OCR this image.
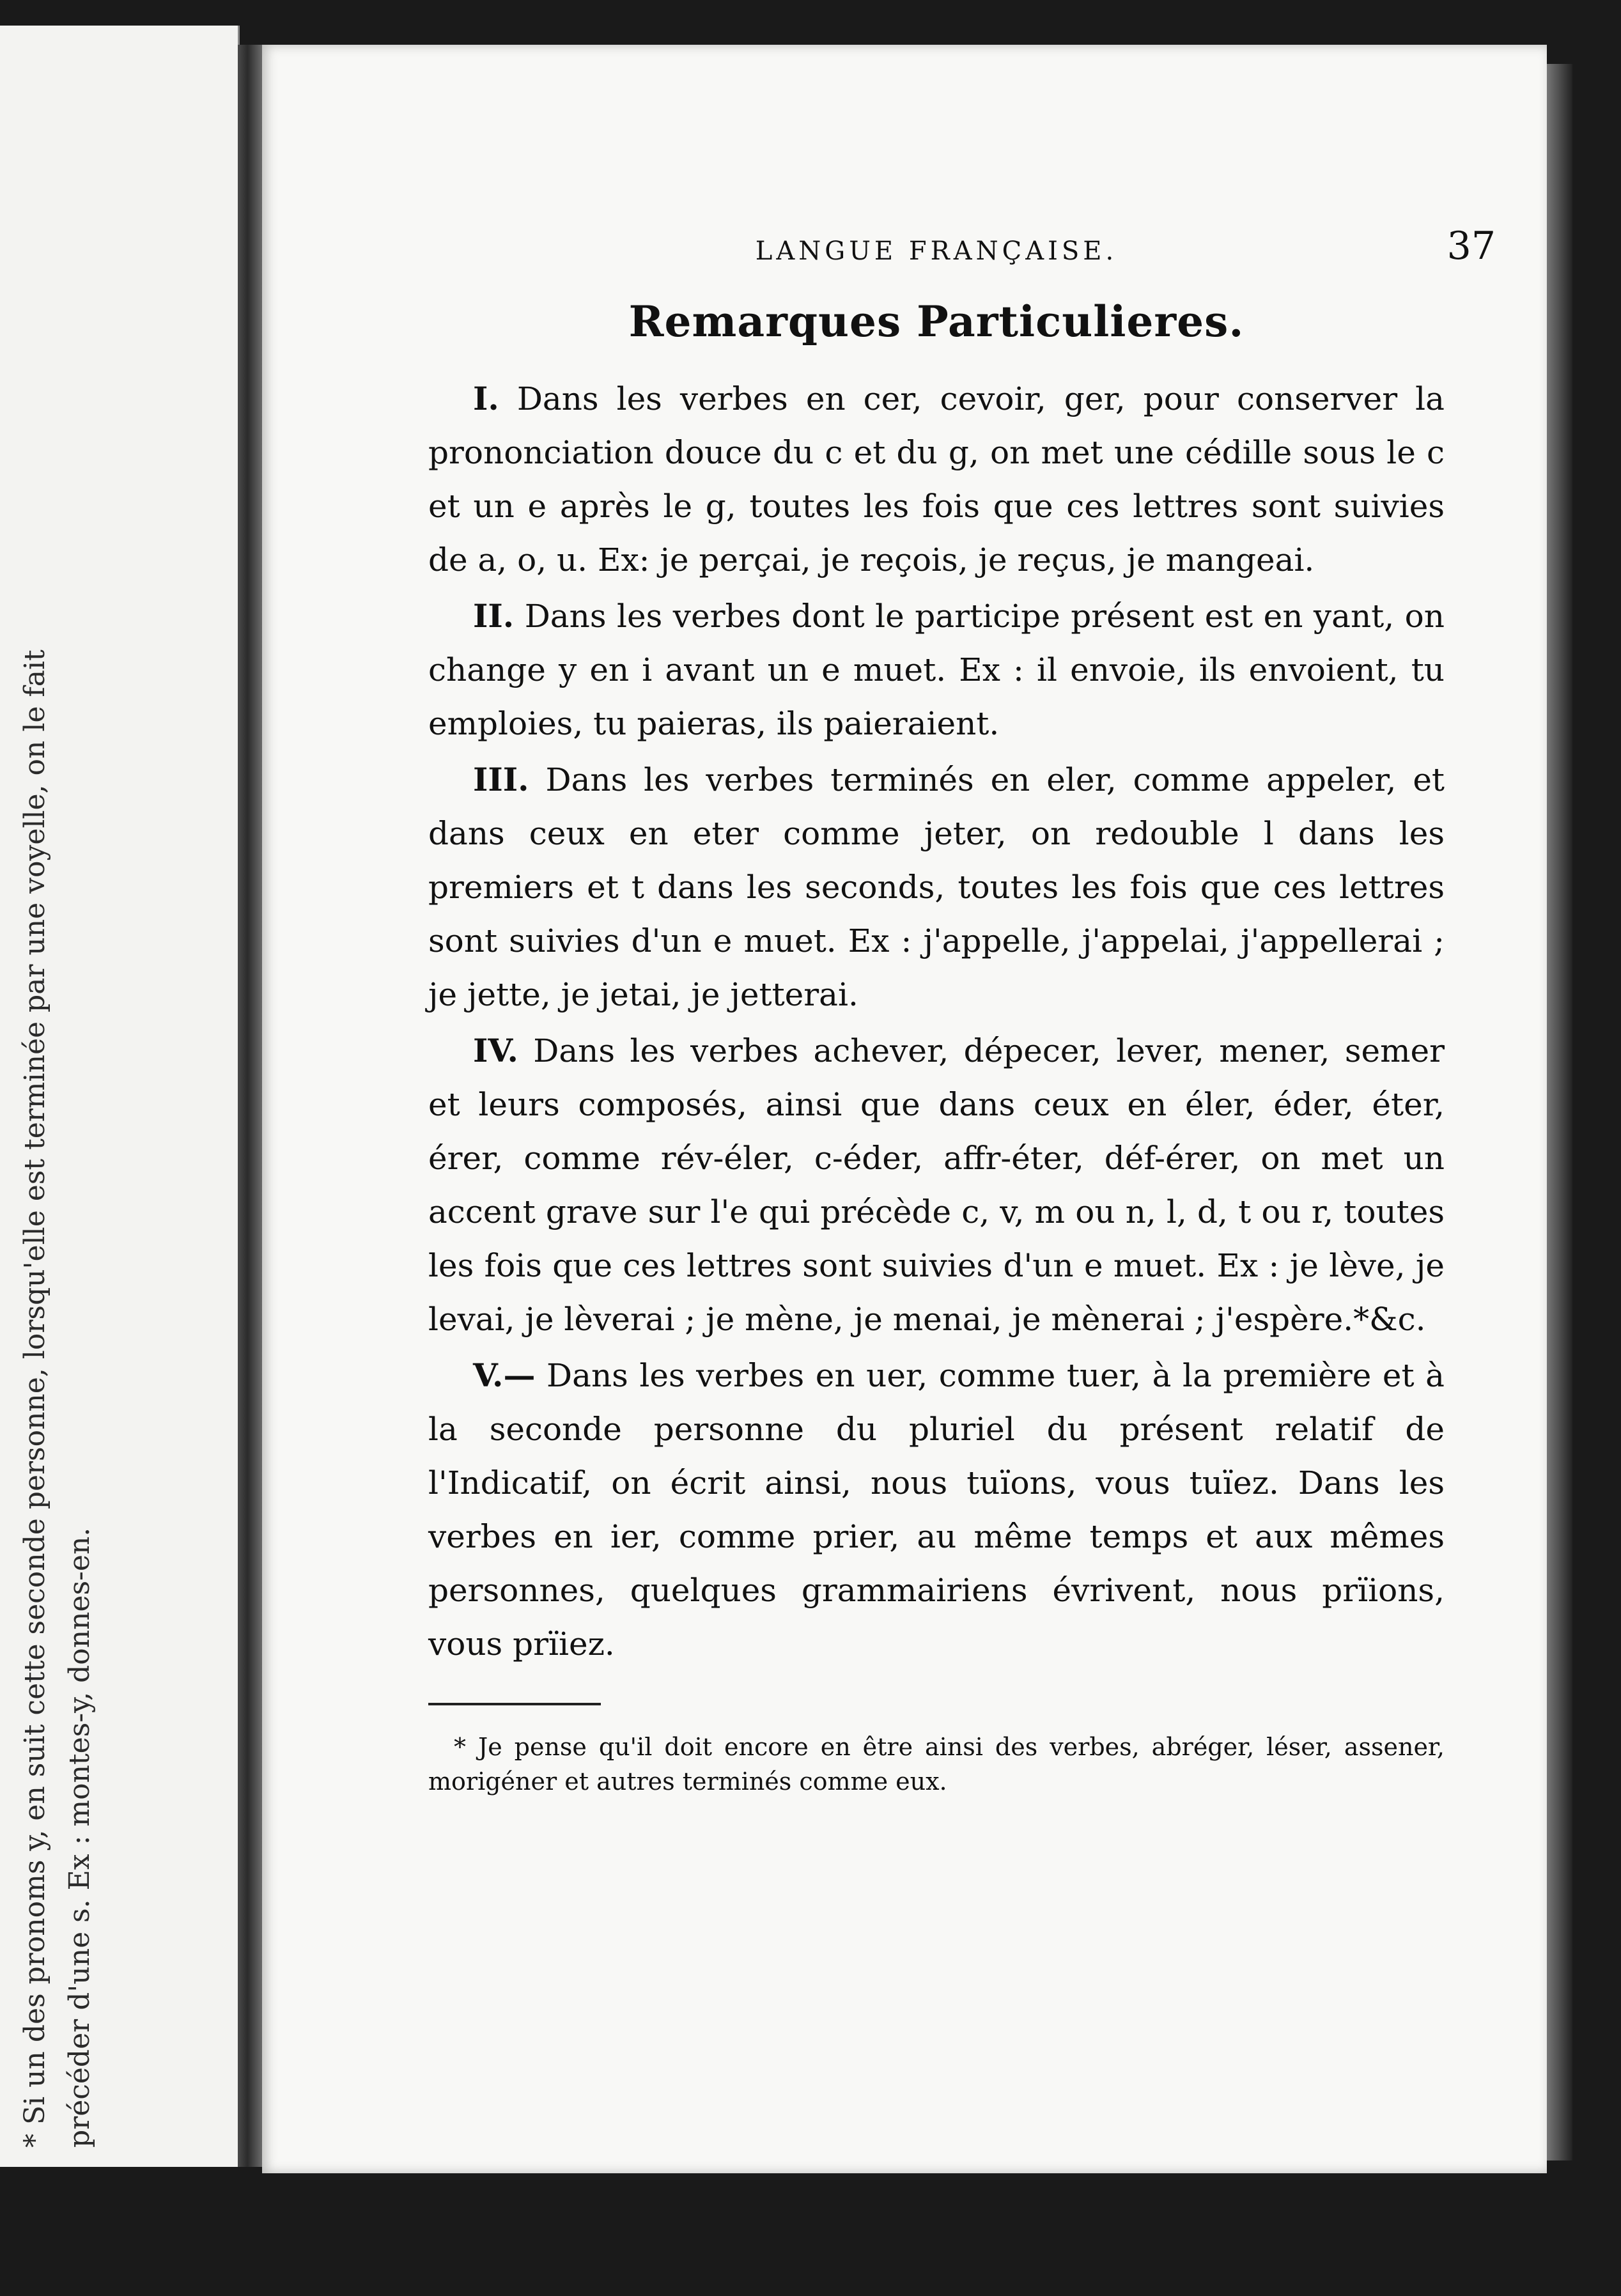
* Si un des pronoms y, en suit cette seconde personne, lorsqu'elle est terminée par une voyelle, on le fait précéder d'une s. Ex : montes-y, donnes-en.
LANGUE FRANÇAISE.	37
Remarques Particulieres.

I. Dans les verbes en cer, cevoir, ger, pour conserver la prononciation douce du c et du g, on met une cédille sous le c et un e après le g, toutes les fois que ces lettres sont suivies de a, o, u. Ex: je perçai, je reçois, je reçus, je mangeai.

II. Dans les verbes dont le participe présent est en yant, on change y en i avant un e muet. Ex : il envoie, ils envoient, tu emploies, tu paieras, ils paieraient.

III. Dans les verbes terminés en eler, comme appeler, et dans ceux en eter comme jeter, on redouble l dans les premiers et t dans les seconds, toutes les fois que ces lettres sont suivies d'un e muet. Ex : j'appelle, j'appelai, j'appellerai ; je jette, je jetai, je jetterai.

IV. Dans les verbes achever, dépecer, lever, mener, semer et leurs composés, ainsi que dans ceux en éler, éder, éter, érer, comme rév-éler, c-éder, affr-éter, déf-érer, on met un accent grave sur l'e qui précède c, v, m ou n, l, d, t ou r, toutes les fois que ces lettres sont suivies d'un e muet. Ex : je lève, je levai, je lèverai ; je mène, je menai, je mènerai ; j'espère.*&c.

V.— Dans les verbes en uer, comme tuer, à la première et à la seconde personne du pluriel du présent relatif de l'Indicatif, on écrit ainsi, nous tuïons, vous tuïez. Dans les verbes en ier, comme prier, au même temps et aux mêmes personnes, quelques grammairiens évrivent, nous prïions, vous prïiez.

* Je pense qu'il doit encore en être ainsi des verbes, abréger, léser, assener, morigéner et autres terminés comme eux.
